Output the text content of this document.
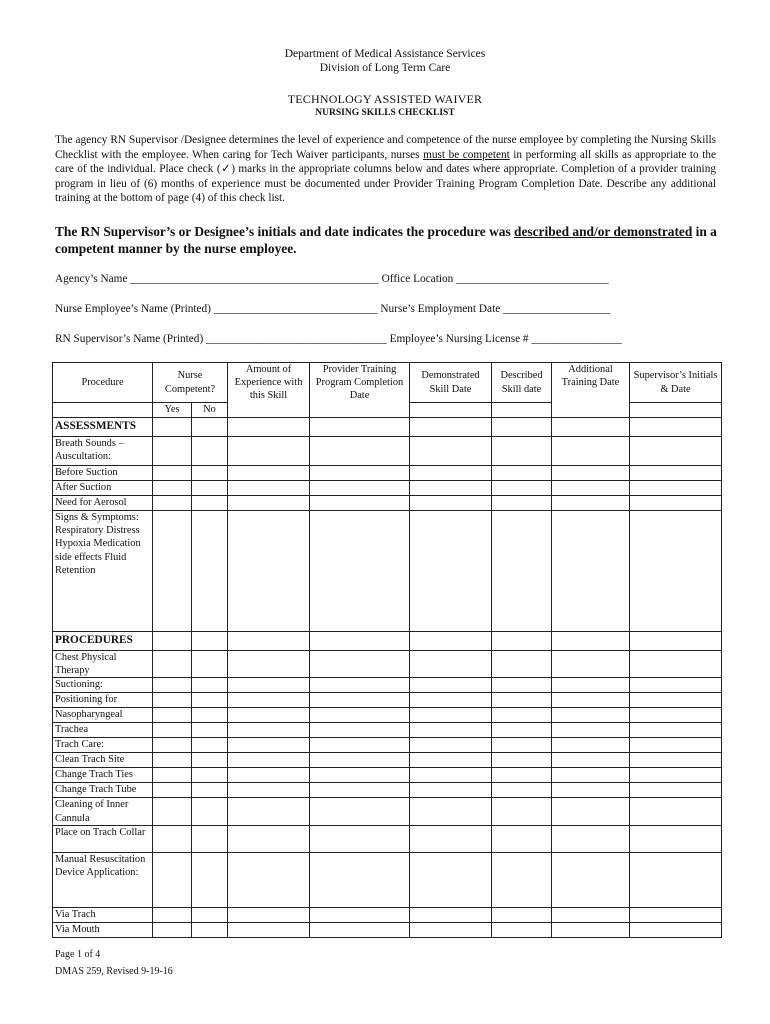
Department of Medical Assistance Services
Division of Long Term Care
TECHNOLOGY ASSISTED WAIVER
NURSING SKILLS CHECKLIST
The agency RN Supervisor /Designee determines the level of experience and competence of the nurse employee by completing the Nursing Skills Checklist with the employee. When caring for Tech Waiver participants, nurses must be competent in performing all skills as appropriate to the care of the individual. Place check (✓) marks in the appropriate columns below and dates where appropriate. Completion of a provider training program in lieu of (6) months of experience must be documented under Provider Training Program Completion Date. Describe any additional training at the bottom of page (4) of this check list.
The RN Supervisor’s or Designee’s initials and date indicates the procedure was described and/or demonstrated in a competent manner by the nurse employee.
Agency’s Name ____________________________________________ Office Location ___________________________
Nurse Employee’s Name (Printed) _____________________________ Nurse’s Employment Date ___________________
RN Supervisor’s Name (Printed) ________________________________ Employee’s Nursing License # ________________
Procedure	Nurse Competent?		Amount of Experience with this Skill	Provider Training Program Completion Date	Demonstrated Skill Date	Described Skill date	Additional Training Date	Supervisor’s Initials & Date
	Yes	No						
ASSESSMENTS								
Breath Sounds – Auscultation:								
Before Suction								
After Suction								
Need for Aerosol								
Signs & Symptoms: Respiratory Distress Hypoxia Medication side effects Fluid Retention								
PROCEDURES								
Chest Physical Therapy								
Suctioning:								
Positioning for								
Nasopharyngeal								
Trachea								
Trach Care:								
Clean Trach Site								
Change Trach Ties								
Change Trach Tube								
Cleaning of Inner Cannula								
Place on Trach Collar								
Manual Resuscitation Device Application:								
Via Trach								
Via Mouth								
Page 1 of 4
DMAS 259, Revised 9-19-16
